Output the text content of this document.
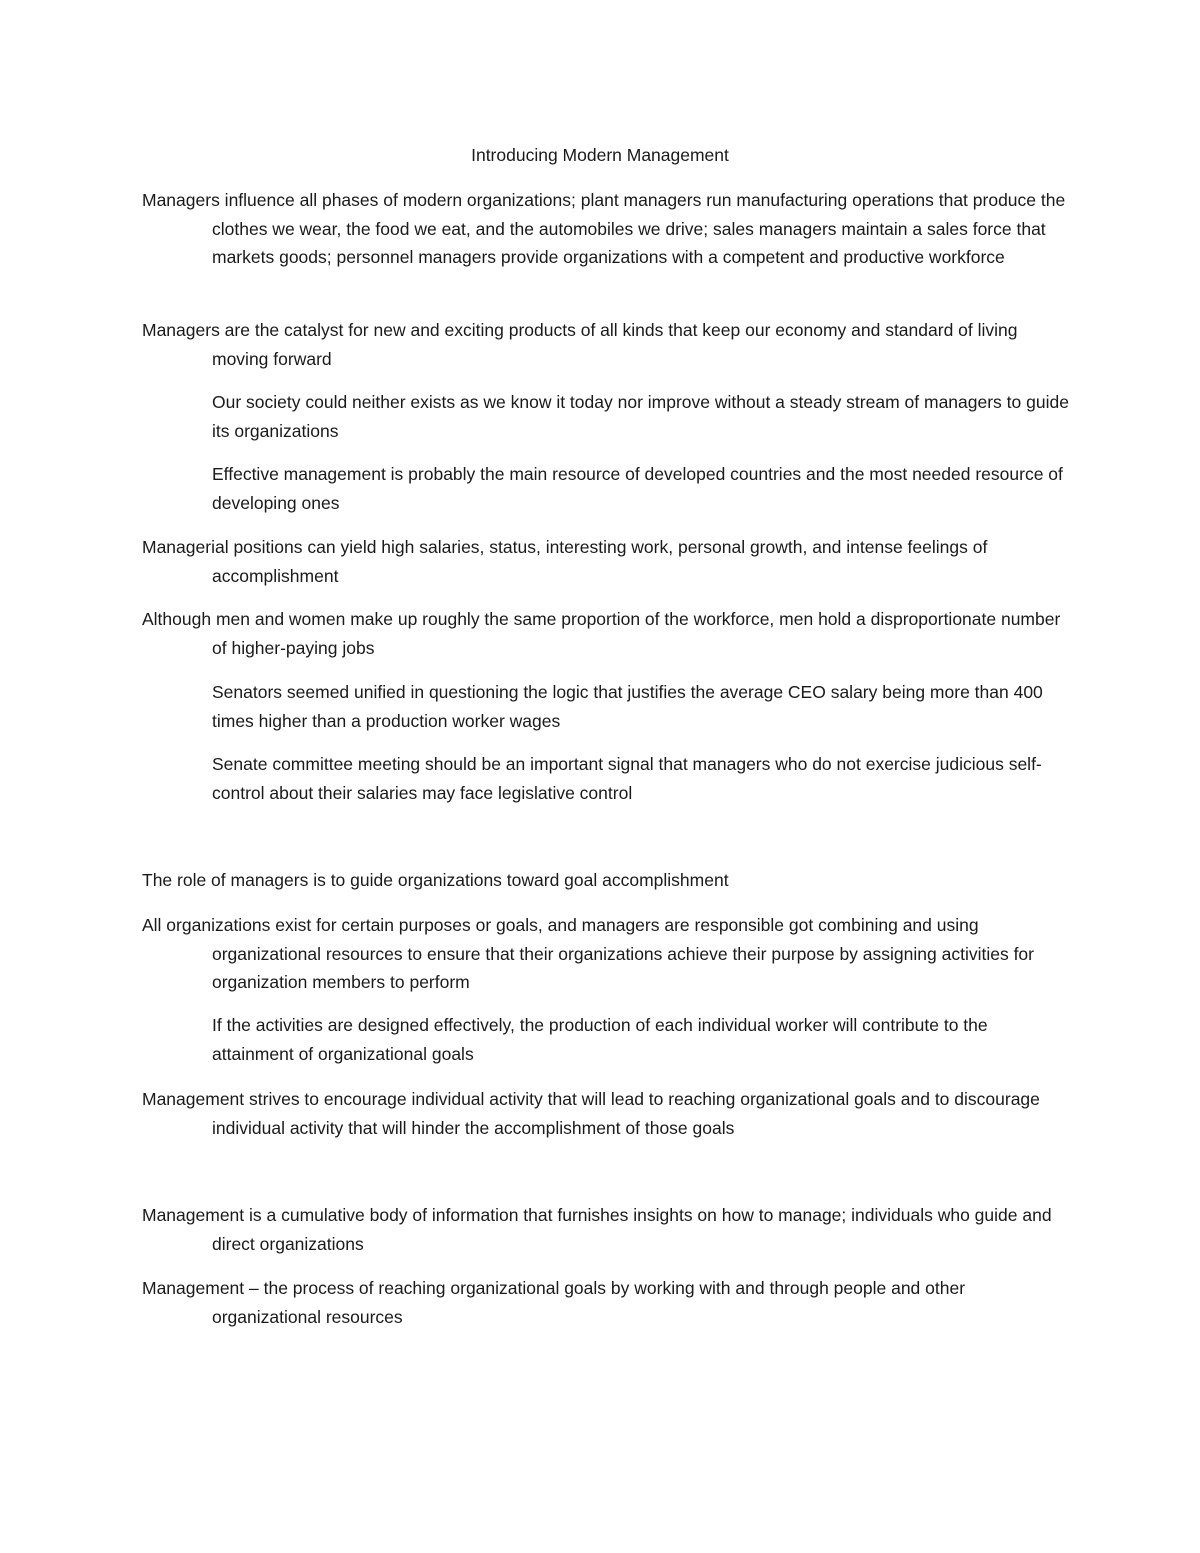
Introducing Modern Management

Managers influence all phases of modern organizations; plant managers run manufacturing operations that produce the clothes we wear, the food we eat, and the automobiles we drive; sales managers maintain a sales force that markets goods; personnel managers provide organizations with a competent and productive workforce

Managers are the catalyst for new and exciting products of all kinds that keep our economy and standard of living moving forward

Our society could neither exists as we know it today nor improve without a steady stream of managers to guide its organizations

Effective management is probably the main resource of developed countries and the most needed resource of developing ones

Managerial positions can yield high salaries, status, interesting work, personal growth, and intense feelings of accomplishment

Although men and women make up roughly the same proportion of the workforce, men hold a disproportionate number of higher-paying jobs

Senators seemed unified in questioning the logic that justifies the average CEO salary being more than 400 times higher than a production worker wages

Senate committee meeting should be an important signal that managers who do not exercise judicious self-control about their salaries may face legislative control

The role of managers is to guide organizations toward goal accomplishment

All organizations exist for certain purposes or goals, and managers are responsible got combining and using organizational resources to ensure that their organizations achieve their purpose by assigning activities for organization members to perform

If the activities are designed effectively, the production of each individual worker will contribute to the attainment of organizational goals

Management strives to encourage individual activity that will lead to reaching organizational goals and to discourage individual activity that will hinder the accomplishment of those goals

Management is a cumulative body of information that furnishes insights on how to manage; individuals who guide and direct organizations

Management – the process of reaching organizational goals by working with and through people and other organizational resources
